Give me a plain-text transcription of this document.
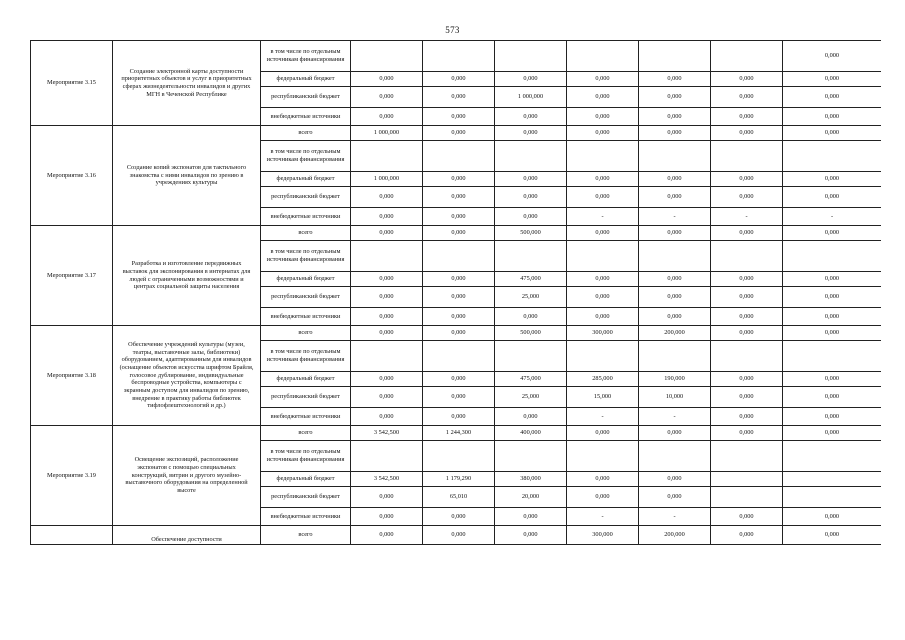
573
Мероприятие 3.15	Создание электронной карты доступности приоритетных объектов и услуг в приоритетных сферах жизнедеятельности инвалидов и других МГН в Чеченской Республике	в том числе по отдельным источникам финансирования							0,000
		федеральный бюджет	0,000	0,000	0,000	0,000	0,000	0,000	0,000
		республиканский бюджет	0,000	0,000	1 000,000	0,000	0,000	0,000	0,000
		внебюджетные источники	0,000	0,000	0,000	0,000	0,000	0,000	0,000
Мероприятие 3.16	Создание копий экспонатов для тактильного знакомства с ними инвалидов по зрению в учреждениях культуры	всего	1 000,000	0,000	0,000	0,000	0,000	0,000	0,000
		в том числе по отдельным источникам финансирования							
		федеральный бюджет	1 000,000	0,000	0,000	0,000	0,000	0,000	0,000
		республиканский бюджет	0,000	0,000	0,000	0,000	0,000	0,000	0,000
		внебюджетные источники	0,000	0,000	0,000	-	-	-	-
Мероприятие 3.17	Разработка и изготовление передвижных выставок для экспонирования в интернатах для людей с ограниченными возможностями и центрах социальной защиты населения	всего	0,000	0,000	500,000	0,000	0,000	0,000	0,000
		в том числе по отдельным источникам финансирования							
		федеральный бюджет	0,000	0,000	475,000	0,000	0,000	0,000	0,000
		республиканский бюджет	0,000	0,000	25,000	0,000	0,000	0,000	0,000
		внебюджетные источники	0,000	0,000	0,000	0,000	0,000	0,000	0,000
Мероприятие 3.18	Обеспечение учреждений культуры (музеи, театры, выставочные залы, библиотеки) оборудованием, адаптированным для инвалидов (оснащение объектов искусства шрифтом Брайля, голосовое дублирование, индивидуальные беспроводные устройства, компьютеры с экранным доступом для инвалидов по зрению, внедрение в практику работы библиотек тифлофлештехнологий и др.)	всего	0,000	0,000	500,000	300,000	200,000	0,000	0,000
		в том числе по отдельным источникам финансирования							
		федеральный бюджет	0,000	0,000	475,000	285,000	190,000	0,000	0,000
		республиканский бюджет	0,000	0,000	25,000	15,000	10,000	0,000	0,000
		внебюджетные источники	0,000	0,000	0,000	-	-	0,000	0,000
Мероприятие 3.19	Освещение экспозиций, расположение экспонатов с помощью специальных конструкций, витрин и другого музейно-выставочного оборудования на определенной высоте	всего	3 542,500	1 244,300	400,000	0,000	0,000	0,000	0,000
		в том числе по отдельным источникам финансирования							
		федеральный бюджет	3 542,500	1 179,290	380,000	0,000	0,000		
		республиканский бюджет	0,000	65,010	20,000	0,000	0,000		
		внебюджетные источники	0,000	0,000	0,000	-	-	0,000	0,000
	Обеспечение доступности	всего	0,000	0,000	0,000	300,000	200,000	0,000	0,000
